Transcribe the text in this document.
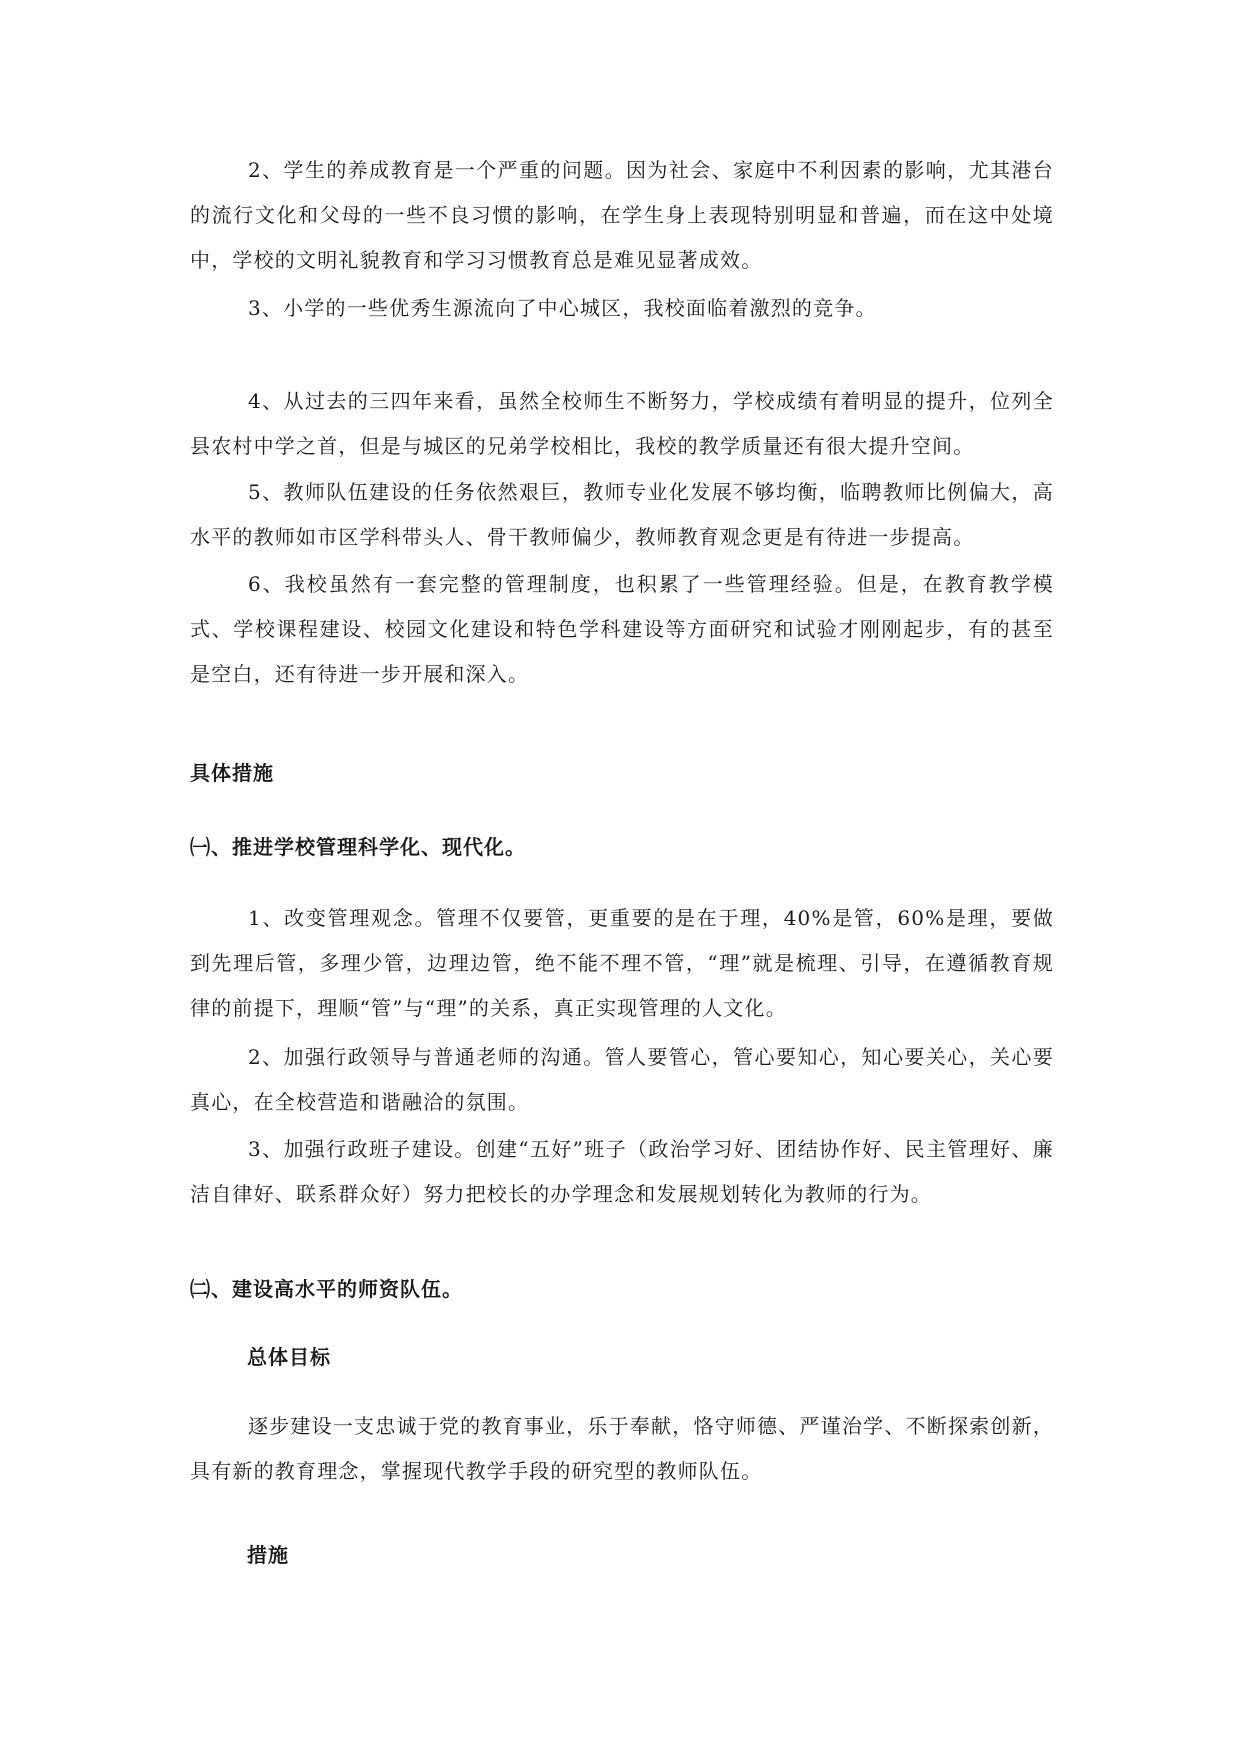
2、学生的养成教育是一个严重的问题。因为社会、家庭中不利因素的影响，尤其港台的流行文化和父母的一些不良习惯的影响，在学生身上表现特别明显和普遍，而在这中处境中，学校的文明礼貌教育和学习习惯教育总是难见显著成效。

3、小学的一些优秀生源流向了中心城区，我校面临着激烈的竞争。

4、从过去的三四年来看，虽然全校师生不断努力，学校成绩有着明显的提升，位列全县农村中学之首，但是与城区的兄弟学校相比，我校的教学质量还有很大提升空间。

5、教师队伍建设的任务依然艰巨，教师专业化发展不够均衡，临聘教师比例偏大，高水平的教师如市区学科带头人、骨干教师偏少，教师教育观念更是有待进一步提高。

6、我校虽然有一套完整的管理制度，也积累了一些管理经验。但是，在教育教学模式、学校课程建设、校园文化建设和特色学科建设等方面研究和试验才刚刚起步，有的甚至是空白，还有待进一步开展和深入。

具体措施
㈠、推进学校管理科学化、现代化。

1、改变管理观念。管理不仅要管，更重要的是在于理，40%是管，60%是理，要做到先理后管，多理少管，边理边管，绝不能不理不管，“理”就是梳理、引导，在遵循教育规律的前提下，理顺“管”与“理”的关系，真正实现管理的人文化。

2、加强行政领导与普通老师的沟通。管人要管心，管心要知心，知心要关心，关心要真心，在全校营造和谐融洽的氛围。

3、加强行政班子建设。创建“五好”班子（政治学习好、团结协作好、民主管理好、廉洁自律好、联系群众好）努力把校长的办学理念和发展规划转化为教师的行为。

㈡、建设高水平的师资队伍。
总体目标

逐步建设一支忠诚于党的教育事业，乐于奉献，恪守师德、严谨治学、不断探索创新，具有新的教育理念，掌握现代教学手段的研究型的教师队伍。

措施
